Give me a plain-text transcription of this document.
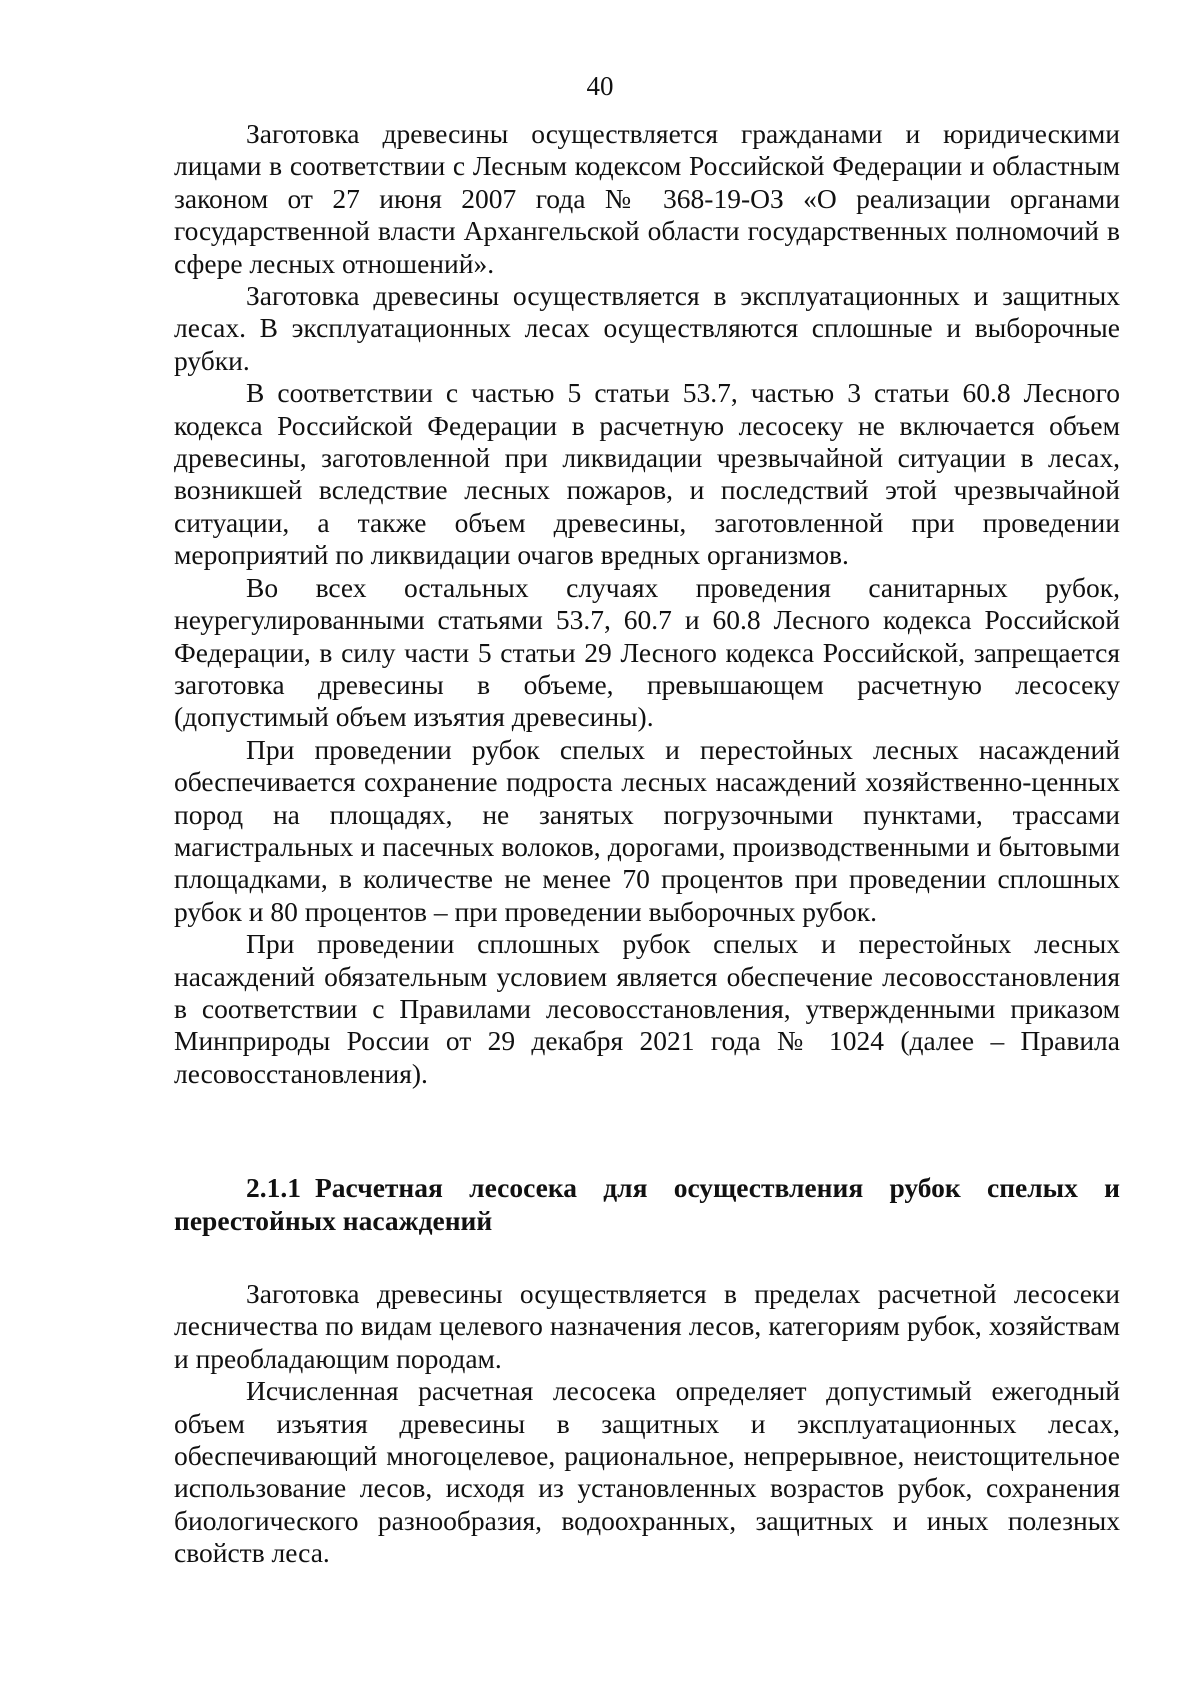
40

Заготовка древесины осуществляется гражданами и юридическими лицами в соответствии с Лесным кодексом Российской Федерации и областным законом от 27 июня 2007 года № 368-19-ОЗ «О реализации органами государственной власти Архангельской области государственных полномочий в сфере лесных отношений».

Заготовка древесины осуществляется в эксплуатационных и защитных лесах. В эксплуатационных лесах осуществляются сплошные и выборочные рубки.

В соответствии с частью 5 статьи 53.7, частью 3 статьи 60.8 Лесного кодекса Российской Федерации в расчетную лесосеку не включается объем древесины, заготовленной при ликвидации чрезвычайной ситуации в лесах, возникшей вследствие лесных пожаров, и последствий этой чрезвычайной ситуации, а также объем древесины, заготовленной при проведении мероприятий по ликвидации очагов вредных организмов.

Во всех остальных случаях проведения санитарных рубок, неурегулированными статьями 53.7, 60.7 и 60.8 Лесного кодекса Российской Федерации, в силу части 5 статьи 29 Лесного кодекса Российской, запрещается заготовка древесины в объеме, превышающем расчетную лесосеку (допустимый объем изъятия древесины).

При проведении рубок спелых и перестойных лесных насаждений обеспечивается сохранение подроста лесных насаждений хозяйственно-ценных пород на площадях, не занятых погрузочными пунктами, трассами магистральных и пасечных волоков, дорогами, производственными и бытовыми площадками, в количестве не менее 70 процентов при проведении сплошных рубок и 80 процентов – при проведении выборочных рубок.

При проведении сплошных рубок спелых и перестойных лесных насаждений обязательным условием является обеспечение лесовосстановления в соответствии с Правилами лесовосстановления, утвержденными приказом Минприроды России от 29 декабря 2021 года № 1024 (далее – Правила лесовосстановления).

2.1.1 Расчетная лесосека для осуществления рубок спелых и перестойных насаждений

Заготовка древесины осуществляется в пределах расчетной лесосеки лесничества по видам целевого назначения лесов, категориям рубок, хозяйствам и преобладающим породам.

Исчисленная расчетная лесосека определяет допустимый ежегодный объем изъятия древесины в защитных и эксплуатационных лесах, обеспечивающий многоцелевое, рациональное, непрерывное, неистощительное использование лесов, исходя из установленных возрастов рубок, сохранения биологического разнообразия, водоохранных, защитных и иных полезных свойств леса.
